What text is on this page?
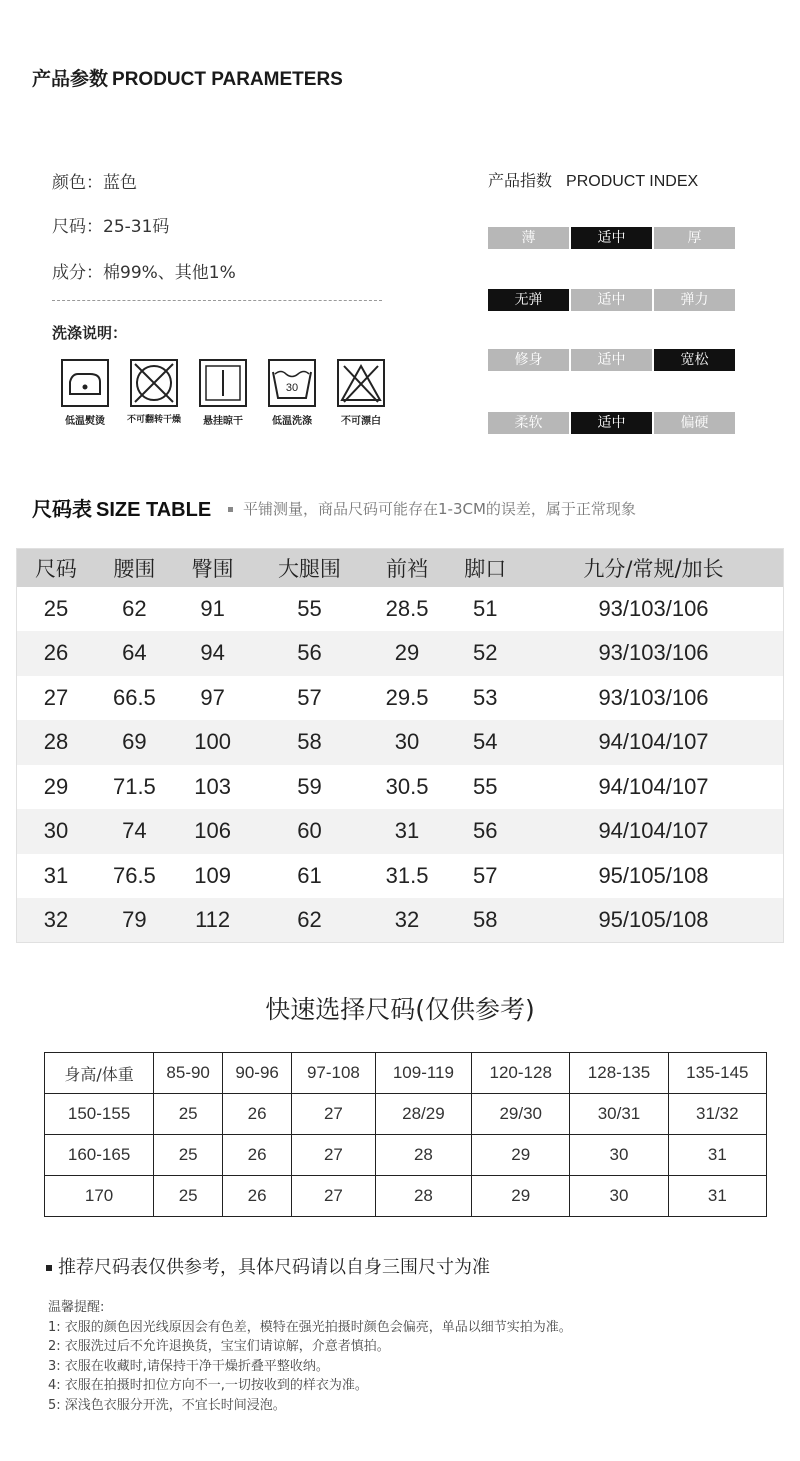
产品参数 PRODUCT PARAMETERS
颜色：蓝色
尺码：25-31码
成分：棉99%、其他1%
洗涤说明：
低温熨烫	不可翻转干燥	悬挂晾干
30
低温洗涤	不可漂白
产品指数 PRODUCT INDEX
薄	适中	厚
无弹	适中	弹力
修身	适中	宽松
柔软	适中	偏硬
尺码表 SIZE TABLE	平铺测量，商品尺码可能存在1-3CM的误差，属于正常现象
尺码	腰围	臀围	大腿围	前裆	脚口	九分/常规/加长
25	62	91	55	28.5	51	93/103/106
26	64	94	56	29	52	93/103/106
27	66.5	97	57	29.5	53	93/103/106
28	69	100	58	30	54	94/104/107
29	71.5	103	59	30.5	55	94/104/107
30	74	106	60	31	56	94/104/107
31	76.5	109	61	31.5	57	95/105/108
32	79	112	62	32	58	95/105/108
快速选择尺码(仅供参考)
身高/体重	85-90	90-96	97-108	109-119	120-128	128-135	135-145
150-155	25	26	27	28/29	29/30	30/31	31/32
160-165	25	26	27	28	29	30	31
170	25	26	27	28	29	30	31
推荐尺码表仅供参考，具体尺码请以自身三围尺寸为准
温馨提醒:
1: 衣服的颜色因光线原因会有色差，模特在强光拍摄时颜色会偏亮，单品以细节实拍为准。
2: 衣服洗过后不允许退换货，宝宝们请谅解，介意者慎拍。
3: 衣服在收藏时,请保持干净干燥折叠平整收纳。
4: 衣服在拍摄时扣位方向不一,一切按收到的样衣为准。
5: 深浅色衣服分开洗，不宜长时间浸泡。
